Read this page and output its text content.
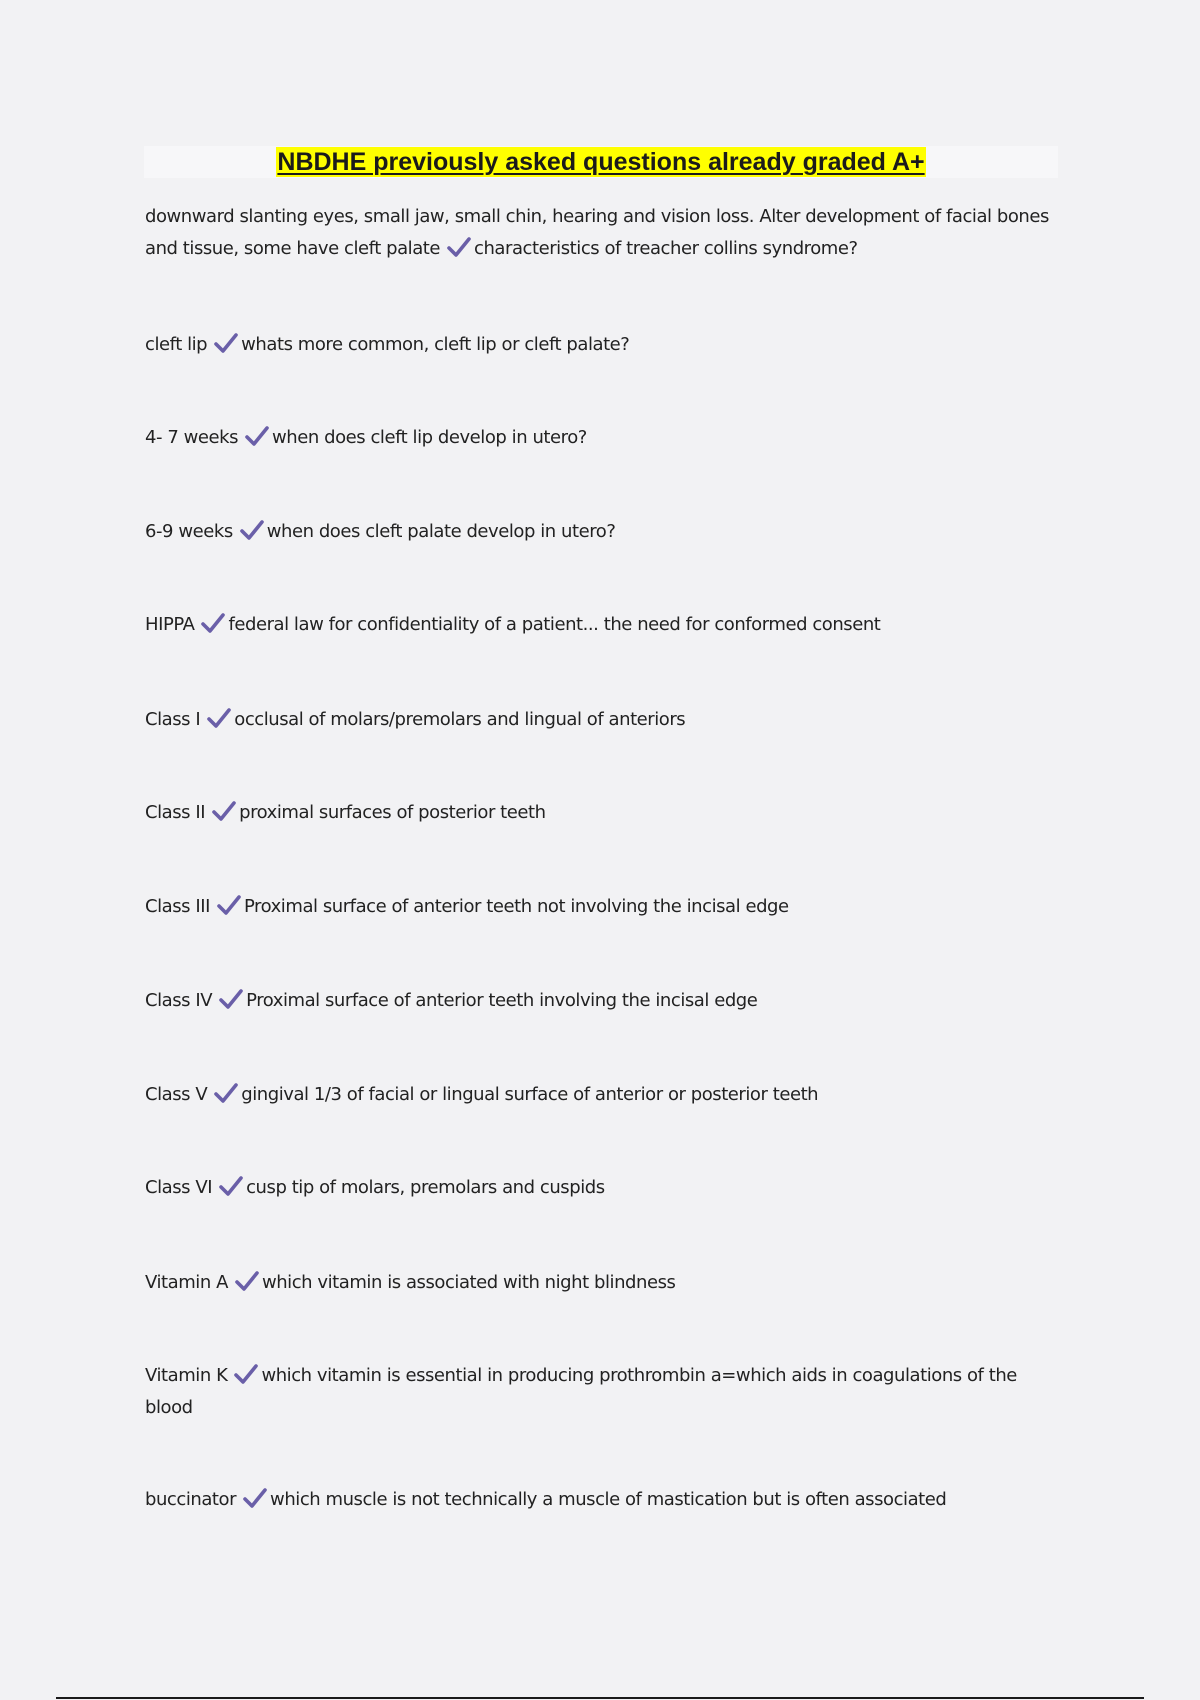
NBDHE previously asked questions already graded A+
downward slanting eyes, small jaw, small chin, hearing and vision loss. Alter development of facial bones and tissue, some have cleft palate characteristics of treacher collins syndrome?
cleft lip whats more common, cleft lip or cleft palate?
4- 7 weeks when does cleft lip develop in utero?
6-9 weeks when does cleft palate develop in utero?
HIPPA federal law for confidentiality of a patient... the need for conformed consent
Class I occlusal of molars/premolars and lingual of anteriors
Class II proximal surfaces of posterior teeth
Class III Proximal surface of anterior teeth not involving the incisal edge
Class IV Proximal surface of anterior teeth involving the incisal edge
Class V gingival 1/3 of facial or lingual surface of anterior or posterior teeth
Class VI cusp tip of molars, premolars and cuspids
Vitamin A which vitamin is associated with night blindness
Vitamin K which vitamin is essential in producing prothrombin a=which aids in coagulations of the blood
buccinator which muscle is not technically a muscle of mastication but is often associated
